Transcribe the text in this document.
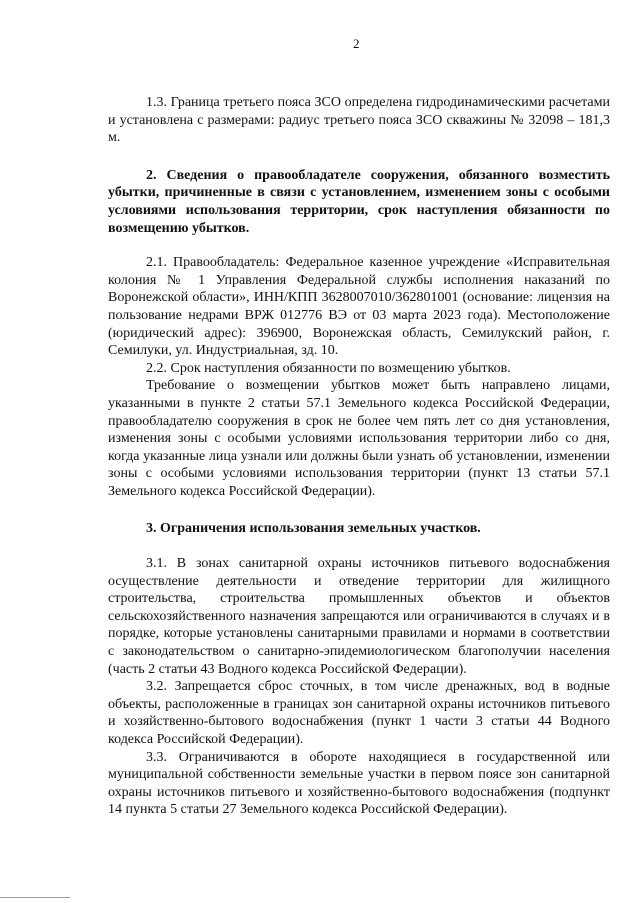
2

1.3. Граница третьего пояса ЗСО определена гидродинамическими расчетами и установлена с размерами: радиус третьего пояса ЗСО скважины № 32098 – 181,3 м.

2. Сведения о правообладателе сооружения, обязанного возместить убытки, причиненные в связи с установлением, изменением зоны с особыми условиями использования территории, срок наступления обязанности по возмещению убытков.

2.1. Правообладатель: Федеральное казенное учреждение «Исправительная колония № 1 Управления Федеральной службы исполнения наказаний по Воронежской области», ИНН/КПП 3628007010/362801001 (основание: лицензия на пользование недрами ВРЖ 012776 ВЭ от 03 марта 2023 года). Местоположение (юридический адрес): 396900, Воронежская область, Семилукский район, г. Семилуки, ул. Индустриальная, зд. 10.

2.2. Срок наступления обязанности по возмещению убытков.

Требование о возмещении убытков может быть направлено лицами, указанными в пункте 2 статьи 57.1 Земельного кодекса Российской Федерации, правообладателю сооружения в срок не более чем пять лет со дня установления, изменения зоны с особыми условиями использования территории либо со дня, когда указанные лица узнали или должны были узнать об установлении, изменении зоны с особыми условиями использования территории (пункт 13 статьи 57.1 Земельного кодекса Российской Федерации).

3. Ограничения использования земельных участков.

3.1. В зонах санитарной охраны источников питьевого водоснабжения осуществление деятельности и отведение территории для жилищного строительства, строительства промышленных объектов и объектов сельскохозяйственного назначения запрещаются или ограничиваются в случаях и в порядке, которые установлены санитарными правилами и нормами в соответствии с законодательством о санитарно-эпидемиологическом благополучии населения (часть 2 статьи 43 Водного кодекса Российской Федерации).

3.2. Запрещается сброс сточных, в том числе дренажных, вод в водные объекты, расположенные в границах зон санитарной охраны источников питьевого и хозяйственно-бытового водоснабжения (пункт 1 части 3 статьи 44 Водного кодекса Российской Федерации).

3.3. Ограничиваются в обороте находящиеся в государственной или муниципальной собственности земельные участки в первом поясе зон санитарной охраны источников питьевого и хозяйственно-бытового водоснабжения (подпункт 14 пункта 5 статьи 27 Земельного кодекса Российской Федерации).
